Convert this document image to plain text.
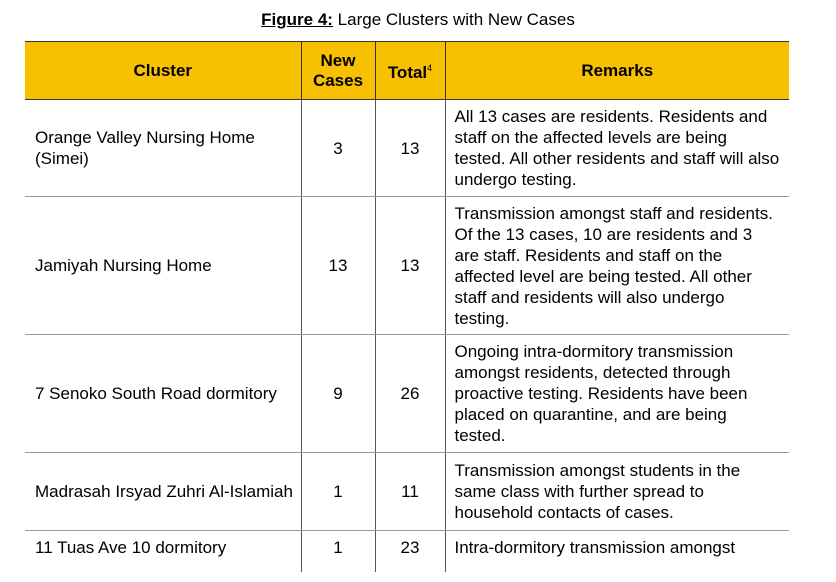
Figure 4: Large Clusters with New Cases
Cluster	New Cases	Total$^4$	Remarks
Orange Valley Nursing Home (Simei)	3	13	All 13 cases are residents. Residents and staff on the affected levels are being tested. All other residents and staff will also undergo testing.
Jamiyah Nursing Home	13	13	Transmission amongst staff and residents. Of the 13 cases, 10 are residents and 3 are staff. Residents and staff on the affected level are being tested. All other staff and residents will also undergo testing.
7 Senoko South Road dormitory	9	26	Ongoing intra-dormitory transmission amongst residents, detected through proactive testing. Residents have been placed on quarantine, and are being tested.
Madrasah Irsyad Zuhri Al-Islamiah	1	11	Transmission amongst students in the same class with further spread to household contacts of cases.
11 Tuas Ave 10 dormitory	1	23	Intra-dormitory transmission amongst
